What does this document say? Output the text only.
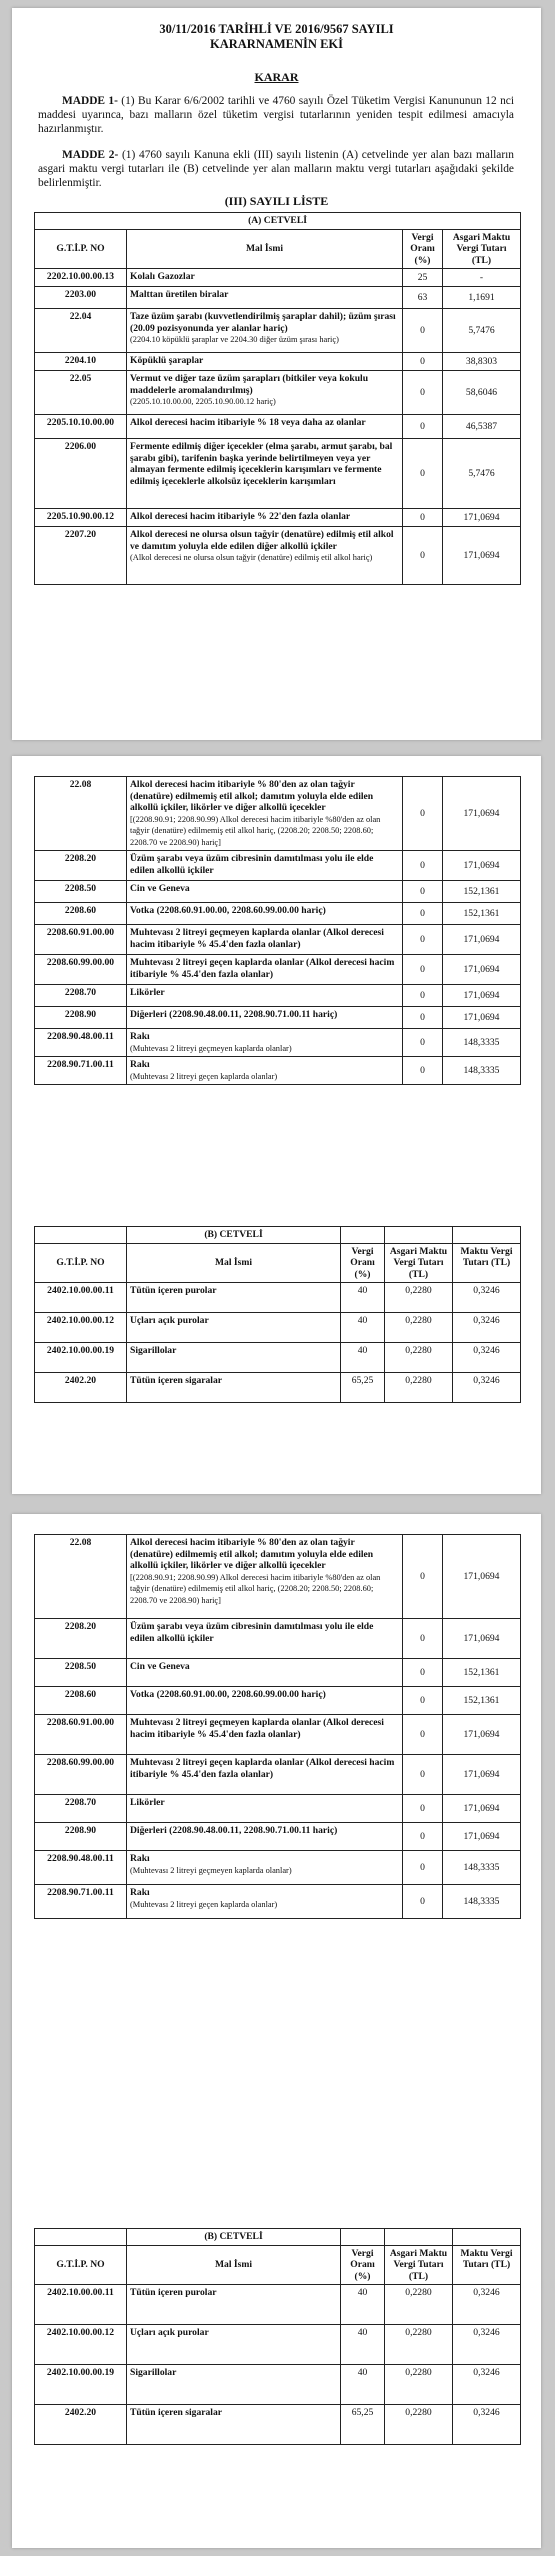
30/11/2016 TARİHLİ VE 2016/9567 SAYILI
KARARNAMENİN EKİ
KARAR

MADDE 1- (1) Bu Karar 6/6/2002 tarihli ve 4760 sayılı Özel Tüketim Vergisi Kanununun 12 nci maddesi uyarınca, bazı malların özel tüketim vergisi tutarlarının yeniden tespit edilmesi amacıyla hazırlanmıştır.

MADDE 2- (1) 4760 sayılı Kanuna ekli (III) sayılı listenin (A) cetvelinde yer alan bazı malların asgari maktu vergi tutarları ile (B) cetvelinde yer alan malların maktu vergi tutarları aşağıdaki şekilde belirlenmiştir.

(III) SAYILI LİSTE
(A) CETVELİ			
G.T.İ.P. NO	Mal İsmi	Vergi Oranı (%)	Asgari Maktu Vergi Tutarı (TL)
2202.10.00.00.13	Kolalı Gazozlar	25	-
2203.00	Malttan üretilen biralar	63	1,1691
22.04	Taze üzüm şarabı (kuvvetlendirilmiş şaraplar dahil); üzüm şırası (20.09 pozisyonunda yer alanlar hariç)
(2204.10 köpüklü şaraplar ve 2204.30 diğer üzüm şırası hariç)	0	5,7476
2204.10	Köpüklü şaraplar	0	38,8303
22.05	Vermut ve diğer taze üzüm şarapları (bitkiler veya kokulu maddelerle aromalandırılmış)
(2205.10.10.00.00, 2205.10.90.00.12 hariç)	0	58,6046
2205.10.10.00.00	Alkol derecesi hacim itibariyle % 18 veya daha az olanlar	0	46,5387
2206.00	Fermente edilmiş diğer içecekler (elma şarabı, armut şarabı, bal şarabı gibi), tarifenin başka yerinde belirtilmeyen veya yer almayan fermente edilmiş içeceklerin karışımları ve fermente edilmiş içeceklerle alkolsüz içeceklerin karışımları	0	5,7476
2205.10.90.00.12	Alkol derecesi hacim itibariyle % 22'den fazla olanlar	0	171,0694
2207.20	Alkol derecesi ne olursa olsun tağyir (denatüre) edilmiş etil alkol ve damıtım yoluyla elde edilen diğer alkollü içkiler
(Alkol derecesi ne olursa olsun tağyir (denatüre) edilmiş etil alkol hariç)	0	171,0694
22.08	Alkol derecesi hacim itibariyle % 80'den az olan tağyir (denatüre) edilmemiş etil alkol; damıtım yoluyla elde edilen alkollü içkiler, likörler ve diğer alkollü içecekler
[(2208.90.91; 2208.90.99) Alkol derecesi hacim itibariyle %80'den az olan tağyir (denatüre) edilmemiş etil alkol hariç, (2208.20; 2208.50; 2208.60; 2208.70 ve 2208.90) hariç]	0	171,0694
2208.20	Üzüm şarabı veya üzüm cibresinin damıtılması yolu ile elde edilen alkollü içkiler	0	171,0694
2208.50	Cin ve Geneva	0	152,1361
2208.60	Votka (2208.60.91.00.00, 2208.60.99.00.00 hariç)	0	152,1361
2208.60.91.00.00	Muhtevası 2 litreyi geçmeyen kaplarda olanlar (Alkol derecesi hacim itibariyle % 45.4'den fazla olanlar)	0	171,0694
2208.60.99.00.00	Muhtevası 2 litreyi geçen kaplarda olanlar (Alkol derecesi hacim itibariyle % 45.4'den fazla olanlar)	0	171,0694
2208.70	Likörler	0	171,0694
2208.90	Diğerleri (2208.90.48.00.11, 2208.90.71.00.11 hariç)	0	171,0694
2208.90.48.00.11	Rakı
(Muhtevası 2 litreyi geçmeyen kaplarda olanlar)	0	148,3335
2208.90.71.00.11	Rakı
(Muhtevası 2 litreyi geçen kaplarda olanlar)	0	148,3335
	(B) CETVELİ			
G.T.İ.P. NO	Mal İsmi	Vergi Oranı (%)	Asgari Maktu Vergi Tutarı (TL)	Maktu Vergi Tutarı (TL)
2402.10.00.00.11	Tütün içeren purolar	40	0,2280	0,3246
2402.10.00.00.12	Uçları açık purolar	40	0,2280	0,3246
2402.10.00.00.19	Sigarillolar	40	0,2280	0,3246
2402.20	Tütün içeren sigaralar	65,25	0,2280	0,3246
22.08	Alkol derecesi hacim itibariyle % 80'den az olan tağyir (denatüre) edilmemiş etil alkol; damıtım yoluyla elde edilen alkollü içkiler, likörler ve diğer alkollü içecekler
[(2208.90.91; 2208.90.99) Alkol derecesi hacim itibariyle %80'den az olan tağyir (denatüre) edilmemiş etil alkol hariç, (2208.20; 2208.50; 2208.60; 2208.70 ve 2208.90) hariç]	0	171,0694
2208.20	Üzüm şarabı veya üzüm cibresinin damıtılması yolu ile elde edilen alkollü içkiler	0	171,0694
2208.50	Cin ve Geneva	0	152,1361
2208.60	Votka (2208.60.91.00.00, 2208.60.99.00.00 hariç)	0	152,1361
2208.60.91.00.00	Muhtevası 2 litreyi geçmeyen kaplarda olanlar (Alkol derecesi hacim itibariyle % 45.4'den fazla olanlar)	0	171,0694
2208.60.99.00.00	Muhtevası 2 litreyi geçen kaplarda olanlar (Alkol derecesi hacim itibariyle % 45.4'den fazla olanlar)	0	171,0694
2208.70	Likörler	0	171,0694
2208.90	Diğerleri (2208.90.48.00.11, 2208.90.71.00.11 hariç)	0	171,0694
2208.90.48.00.11	Rakı
(Muhtevası 2 litreyi geçmeyen kaplarda olanlar)	0	148,3335
2208.90.71.00.11	Rakı
(Muhtevası 2 litreyi geçen kaplarda olanlar)	0	148,3335
	(B) CETVELİ			
G.T.İ.P. NO	Mal İsmi	Vergi Oranı (%)	Asgari Maktu Vergi Tutarı (TL)	Maktu Vergi Tutarı (TL)
2402.10.00.00.11	Tütün içeren purolar	40	0,2280	0,3246
2402.10.00.00.12	Uçları açık purolar	40	0,2280	0,3246
2402.10.00.00.19	Sigarillolar	40	0,2280	0,3246
2402.20	Tütün içeren sigaralar	65,25	0,2280	0,3246
